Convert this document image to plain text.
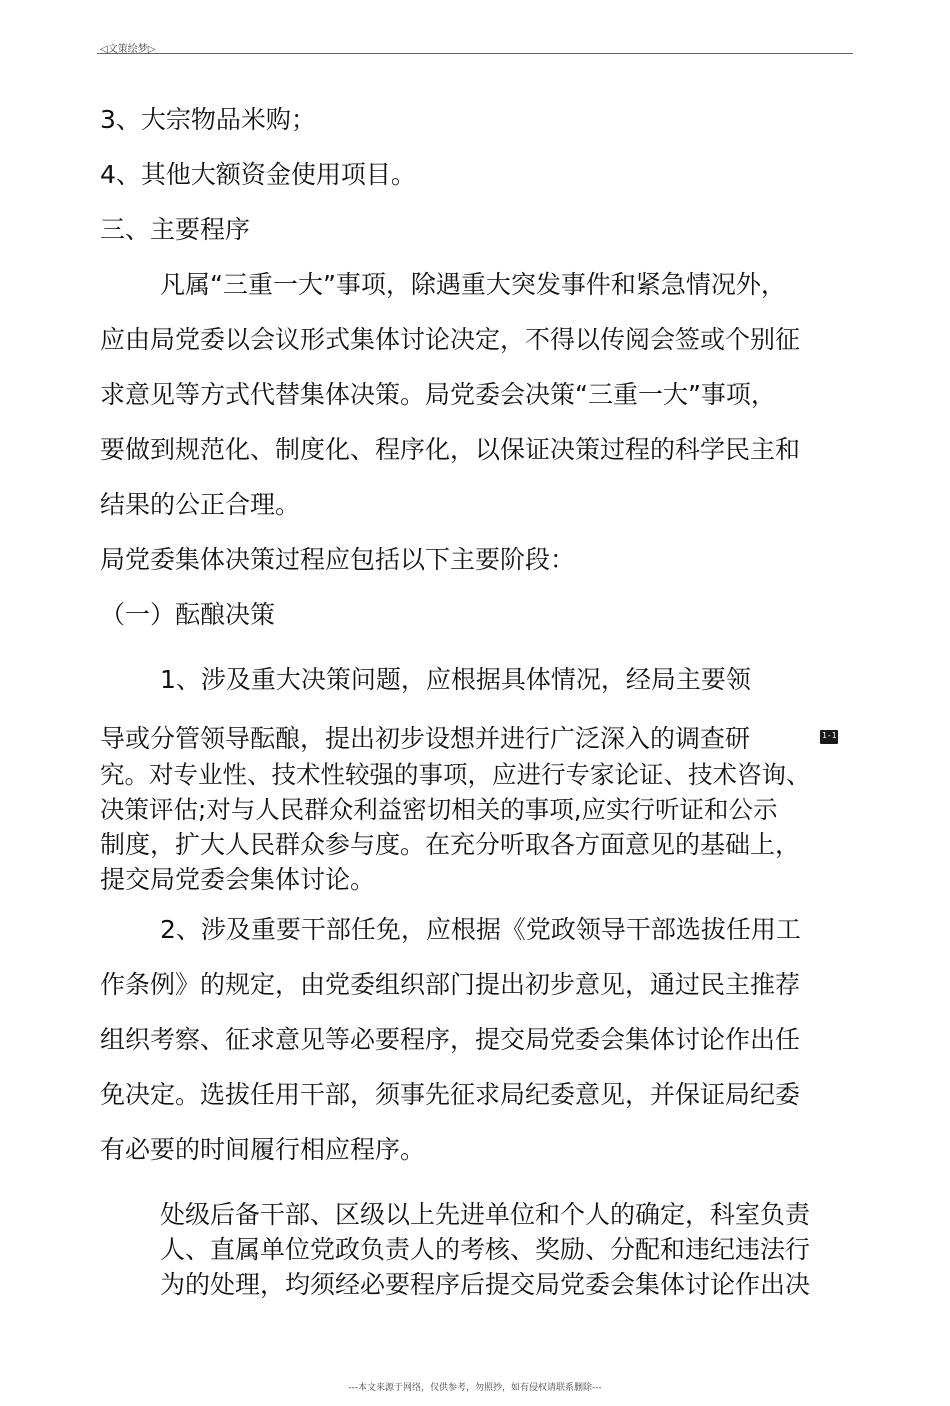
◁文策绘梦▷
3、大宗物品米购；
4、其他大额资金使用项目。
三、主要程序
凡属“三重一大”事项，除遇重大突发事件和紧急情况外，
应由局党委以会议形式集体讨论决定，不得以传阅会签或个别征
求意见等方式代替集体决策。局党委会决策“三重一大”事项，
要做到规范化、制度化、程序化，以保证决策过程的科学民主和
结果的公正合理。
局党委集体决策过程应包括以下主要阶段：
（一）酝酿决策
1、涉及重大决策问题，应根据具体情况，经局主要领
导或分管领导酝酿，提出初步设想并进行广泛深入的调查研
究。对专业性、技术性较强的事项，应进行专家论证、技术咨询、
决策评估;对与人民群众利益密切相关的事项,应实行听证和公示
制度，扩大人民群众参与度。在充分听取各方面意见的基础上，
提交局党委会集体讨论。
2、涉及重要干部任免，应根据《党政领导干部选拔任用工
作条例》的规定，由党委组织部门提出初步意见，通过民主推荐
组织考察、征求意见等必要程序，提交局党委会集体讨论作出任
免决定。选拔任用干部，须事先征求局纪委意见，并保证局纪委
有必要的时间履行相应程序。
处级后备干部、区级以上先进单位和个人的确定，科室负责
人、直属单位党政负责人的考核、奖励、分配和违纪违法行
为的处理，均须经必要程序后提交局党委会集体讨论作出决
1-1
---本文来源于网络，仅供参考，勿照抄，如有侵权请联系删除---
